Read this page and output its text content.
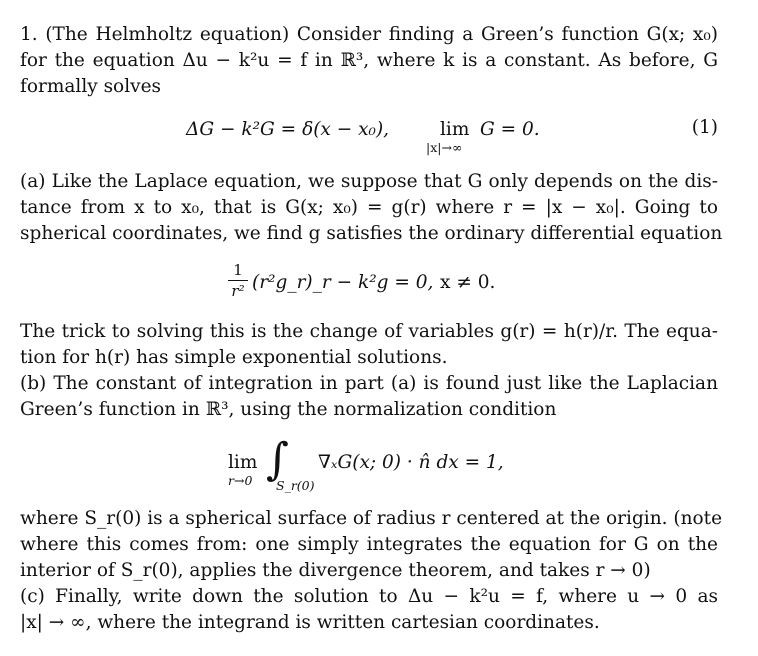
1. (The Helmholtz equation) Consider finding a Green’s function G(x; x₀)
for the equation Δu − k²u = f in ℝ³, where k is a constant. As before, G
formally solves
ΔG − k²G = δ(x − x₀),	lim
|x|→∞
G = 0.	(1)
(a) Like the Laplace equation, we suppose that G only depends on the dis-
tance from x to x₀, that is G(x; x₀) = g(r) where r = |x − x₀|. Going to
spherical coordinates, we find g satisfies the ordinary differential equation
1
r² (r²g_r)_r − k²g = 0, x ≠ 0.
The trick to solving this is the change of variables g(r) = h(r)/r. The equa-
tion for h(r) has simple exponential solutions.
(b) The constant of integration in part (a) is found just like the Laplacian
Green’s function in ℝ³, using the normalization condition
lim
r→0 ∫
S_r(0)
∇ₓG(x; 0) · n̂ dx = 1,
where S_r(0) is a spherical surface of radius r centered at the origin. (note
where this comes from: one simply integrates the equation for G on the
interior of S_r(0), applies the divergence theorem, and takes r → 0)
(c) Finally, write down the solution to Δu − k²u = f, where u → 0 as
|x| → ∞, where the integrand is written cartesian coordinates.
